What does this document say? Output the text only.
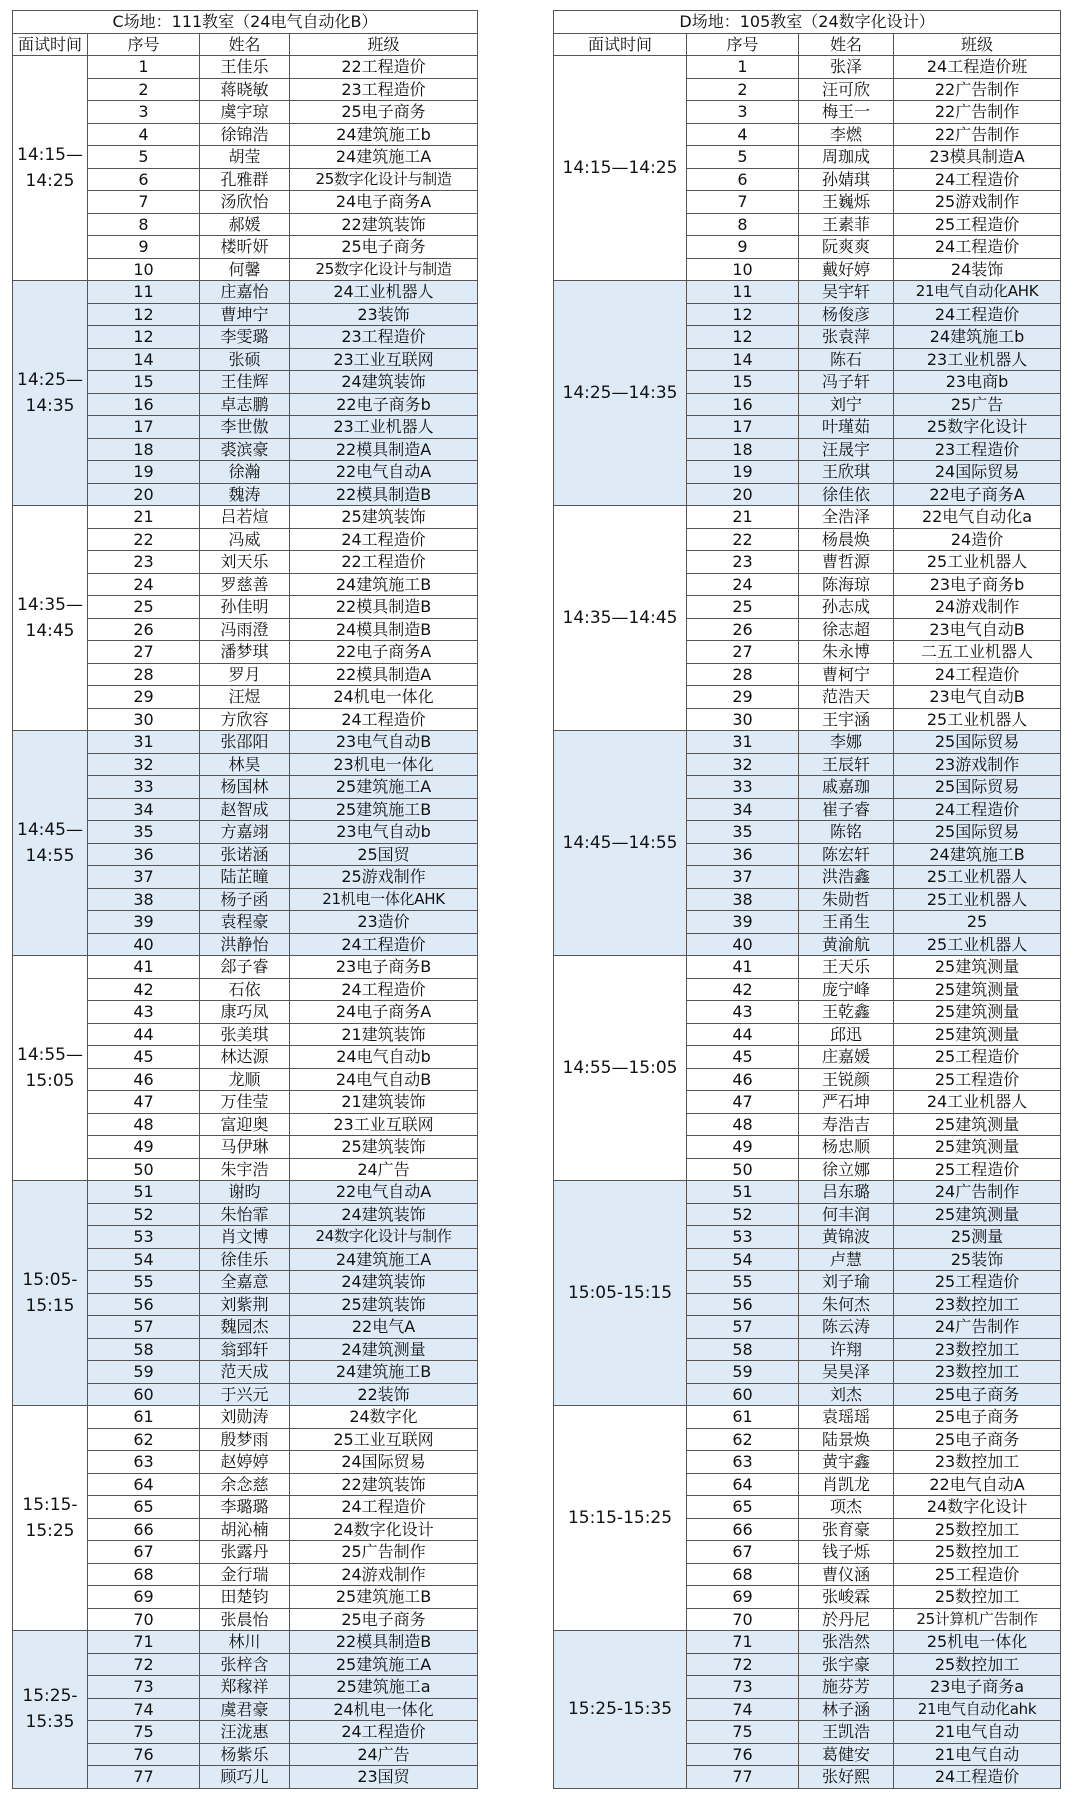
C场地：111教室（24电气自动化B）			
面试时间	序号	姓名	班级
14:15—
14:25	1	王佳乐	22工程造价
	2	蒋晓敏	23工程造价
	3	虞宇琼	25电子商务
	4	徐锦浩	24建筑施工b
	5	胡莹	24建筑施工A
	6	孔雅群	25数字化设计与制造
	7	汤欣怡	24电子商务A
	8	郝媛	22建筑装饰
	9	楼昕妍	25电子商务
	10	何馨	25数字化设计与制造
14:25—
14:35	11	庄嘉怡	24工业机器人
	12	曹坤宁	23装饰
	12	李雯璐	23工程造价
	14	张硕	23工业互联网
	15	王佳辉	24建筑装饰
	16	卓志鹏	22电子商务b
	17	李世傲	23工业机器人
	18	裘滨豪	22模具制造A
	19	徐瀚	22电气自动A
	20	魏涛	22模具制造B
14:35—
14:45	21	吕若煊	25建筑装饰
	22	冯威	24工程造价
	23	刘天乐	22工程造价
	24	罗慈善	24建筑施工B
	25	孙佳明	22模具制造B
	26	冯雨澄	24模具制造B
	27	潘梦琪	22电子商务A
	28	罗月	22模具制造A
	29	汪煜	24机电一体化
	30	方欣容	24工程造价
14:45—
14:55	31	张邵阳	23电气自动B
	32	林昊	23机电一体化
	33	杨国林	25建筑施工A
	34	赵智成	25建筑施工B
	35	方嘉翊	23电气自动b
	36	张诺涵	25国贸
	37	陆芷瞳	25游戏制作
	38	杨子函	21机电一体化AHK
	39	袁程豪	23造价
	40	洪静怡	24工程造价
14:55—
15:05	41	郐子睿	23电子商务B
	42	石依	24工程造价
	43	康巧凤	24电子商务A
	44	张美琪	21建筑装饰
	45	林达源	24电气自动b
	46	龙顺	24电气自动B
	47	万佳莹	21建筑装饰
	48	富迎奥	23工业互联网
	49	马伊琳	25建筑装饰
	50	朱宇浩	24广告
15:05-
15:15	51	谢昀	22电气自动A
	52	朱怡霏	24建筑装饰
	53	肖文博	24数字化设计与制作
	54	徐佳乐	24建筑施工A
	55	全嘉意	24建筑装饰
	56	刘紫荆	25建筑装饰
	57	魏园杰	22电气A
	58	翁郅轩	24建筑测量
	59	范天成	24建筑施工B
	60	于兴元	22装饰
15:15-
15:25	61	刘勋涛	24数字化
	62	殷梦雨	25工业互联网
	63	赵婷婷	24国际贸易
	64	余念慈	22建筑装饰
	65	李璐璐	24工程造价
	66	胡沁楠	24数字化设计
	67	张露丹	25广告制作
	68	金行瑞	24游戏制作
	69	田楚钧	25建筑施工B
	70	张晨怡	25电子商务
15:25-
15:35	71	林川	22模具制造B
	72	张梓含	25建筑施工A
	73	郑稼祥	25建筑施工a
	74	虞君豪	24机电一体化
	75	汪泷惠	24工程造价
	76	杨紫乐	24广告
	77	顾巧儿	23国贸
D场地：105教室（24数字化设计）			
面试时间	序号	姓名	班级
14:15—14:25	1	张泽	24工程造价班
	2	汪可欣	22广告制作
	3	梅王一	22广告制作
	4	李燃	22广告制作
	5	周珈成	23模具制造A
	6	孙婧琪	24工程造价
	7	王巍烁	25游戏制作
	8	王素菲	25工程造价
	9	阮爽爽	24工程造价
	10	戴好婷	24装饰
14:25—14:35	11	吴宇轩	21电气自动化AHK
	12	杨俊彦	24工程造价
	12	张袁萍	24建筑施工b
	14	陈石	23工业机器人
	15	冯子轩	23电商b
	16	刘宁	25广告
	17	叶瑾茹	25数字化设计
	18	汪晟宇	23工程造价
	19	王欣琪	24国际贸易
	20	徐佳依	22电子商务A
14:35—14:45	21	全浩泽	22电气自动化a
	22	杨晨焕	24造价
	23	曹哲源	25工业机器人
	24	陈海琼	23电子商务b
	25	孙志成	24游戏制作
	26	徐志超	23电气自动B
	27	朱永博	二五工业机器人
	28	曹柯宁	24工程造价
	29	范浩天	23电气自动B
	30	王宇涵	25工业机器人
14:45—14:55	31	李娜	25国际贸易
	32	王辰轩	23游戏制作
	33	戚嘉珈	25国际贸易
	34	崔子睿	24工程造价
	35	陈铭	25国际贸易
	36	陈宏轩	24建筑施工B
	37	洪浩鑫	25工业机器人
	38	朱勋哲	25工业机器人
	39	王甬生	25
	40	黄渝航	25工业机器人
14:55—15:05	41	王天乐	25建筑测量
	42	庞宁峰	25建筑测量
	43	王乾鑫	25建筑测量
	44	邱迅	25建筑测量
	45	庄嘉媛	25工程造价
	46	王锐颜	25工程造价
	47	严石坤	24工业机器人
	48	寿浩吉	25建筑测量
	49	杨忠顺	25建筑测量
	50	徐立娜	25工程造价
15:05-15:15	51	吕东璐	24广告制作
	52	何丰润	25建筑测量
	53	黄锦波	25测量
	54	卢慧	25装饰
	55	刘子瑜	25工程造价
	56	朱何杰	23数控加工
	57	陈云涛	24广告制作
	58	许翔	23数控加工
	59	吴昊泽	23数控加工
	60	刘杰	25电子商务
15:15-15:25	61	袁瑶瑶	25电子商务
	62	陆景焕	25电子商务
	63	黄宇鑫	23数控加工
	64	肖凯龙	22电气自动A
	65	项杰	24数字化设计
	66	张育豪	25数控加工
	67	钱子烁	25数控加工
	68	曹仪涵	25工程造价
	69	张峻霖	25数控加工
	70	於丹尼	25计算机广告制作
15:25-15:35	71	张浩然	25机电一体化
	72	张宇豪	25数控加工
	73	施芬芳	23电子商务a
	74	林子涵	21电气自动化ahk
	75	王凯浩	21电气自动
	76	葛健安	21电气自动
	77	张好熙	24工程造价
